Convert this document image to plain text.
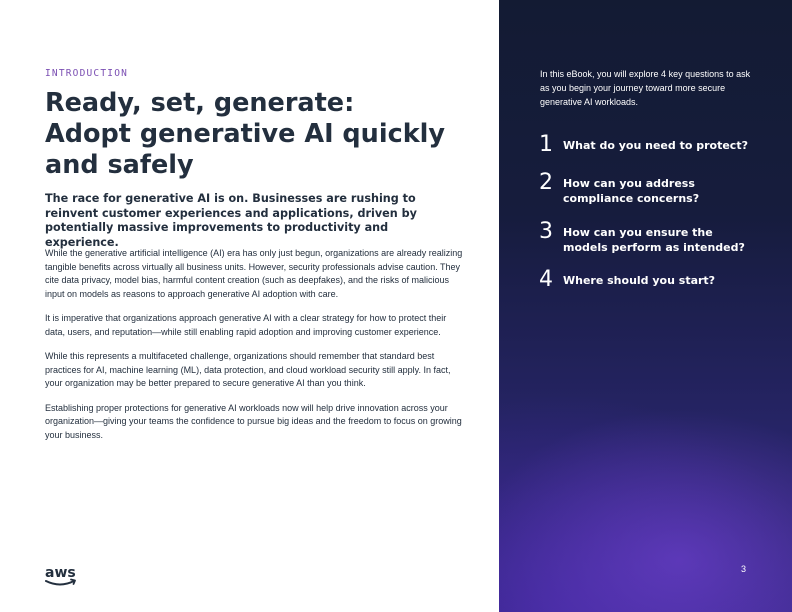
INTRODUCTION
Ready, set, generate:
Adopt generative AI quickly
and safely

The race for generative AI is on. Businesses are rushing to reinvent customer experiences and applications, driven by potentially massive improvements to productivity and experience.

While the generative artificial intelligence (AI) era has only just begun, organizations are already realizing tangible benefits across virtually all business units. However, security professionals advise caution. They cite data privacy, model bias, harmful content creation (such as deepfakes), and the risks of malicious input on models as reasons to approach generative AI adoption with care.

It is imperative that organizations approach generative AI with a clear strategy for how to protect their data, users, and reputation—while still enabling rapid adoption and improving customer experience.

While this represents a multifaceted challenge, organizations should remember that standard best practices for AI, machine learning (ML), data protection, and cloud workload security still apply. In fact, your organization may be better prepared to secure generative AI than you think.

Establishing proper protections for generative AI workloads now will help drive innovation across your organization—giving your teams the confidence to pursue big ideas and the freedom to focus on growing your business.

aws

In this eBook, you will explore 4 key questions to ask as you begin your journey toward more secure generative AI workloads.

1 What do you need to protect?
2 How can you address compliance concerns?
3 How can you ensure the models perform as intended?
4 Where should you start?
3
